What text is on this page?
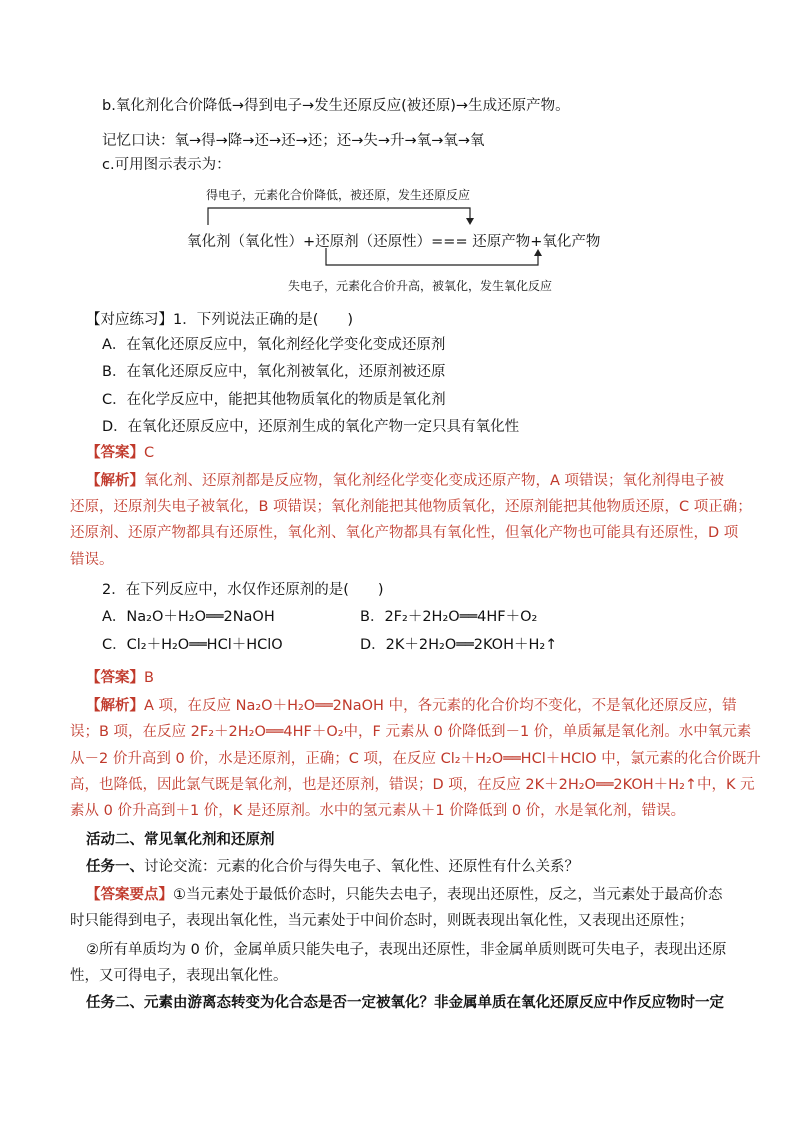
b.氧化剂化合价降低→得到电子→发生还原反应(被还原)→生成还原产物。
记忆口诀：氧→得→降→还→还→还；还→失→升→氧→氧→氧
c.可用图示表示为：
得电子，元素化合价降低，被还原，发生还原反应
氧化剂（氧化性）+还原剂（还原性）=== 还原产物+氧化产物
失电子，元素化合价升高，被氧化，发生氧化反应
【对应练习】1．下列说法正确的是(　　)
A．在氧化还原反应中，氧化剂经化学变化变成还原剂
B．在氧化还原反应中，氧化剂被氧化，还原剂被还原
C．在化学反应中，能把其他物质氧化的物质是氧化剂
D．在氧化还原反应中，还原剂生成的氧化产物一定只具有氧化性
【答案】C
【解析】氧化剂、还原剂都是反应物，氧化剂经化学变化变成还原产物，A 项错误；氧化剂得电子被
还原，还原剂失电子被氧化，B 项错误；氧化剂能把其他物质氧化，还原剂能把其他物质还原，C 项正确；
还原剂、还原产物都具有还原性，氧化剂、氧化产物都具有氧化性，但氧化产物也可能具有还原性，D 项
错误。
2．在下列反应中，水仅作还原剂的是(　　)
A．Na₂O＋H₂O══2NaOH	B．2F₂＋2H₂O══4HF＋O₂
C．Cl₂＋H₂O══HCl＋HClO	D．2K＋2H₂O══2KOH＋H₂↑
【答案】B
【解析】A 项，在反应 Na₂O＋H₂O══2NaOH 中，各元素的化合价均不变化，不是氧化还原反应，错
误；B 项，在反应 2F₂＋2H₂O══4HF＋O₂中，F 元素从 0 价降低到－1 价，单质氟是氧化剂。水中氧元素
从－2 价升高到 0 价，水是还原剂，正确；C 项，在反应 Cl₂＋H₂O══HCl＋HClO 中，氯元素的化合价既升
高，也降低，因此氯气既是氧化剂，也是还原剂，错误；D 项，在反应 2K＋2H₂O══2KOH＋H₂↑中，K 元
素从 0 价升高到＋1 价，K 是还原剂。水中的氢元素从＋1 价降低到 0 价，水是氧化剂，错误。
活动二、常见氧化剂和还原剂
任务一、讨论交流：元素的化合价与得失电子、氧化性、还原性有什么关系？
【答案要点】①当元素处于最低价态时，只能失去电子，表现出还原性，反之，当元素处于最高价态
时只能得到电子，表现出氧化性，当元素处于中间价态时，则既表现出氧化性，又表现出还原性；
②所有单质均为 0 价，金属单质只能失电子，表现出还原性，非金属单质则既可失电子，表现出还原
性，又可得电子，表现出氧化性。
任务二、元素由游离态转变为化合态是否一定被氧化？非金属单质在氧化还原反应中作反应物时一定
